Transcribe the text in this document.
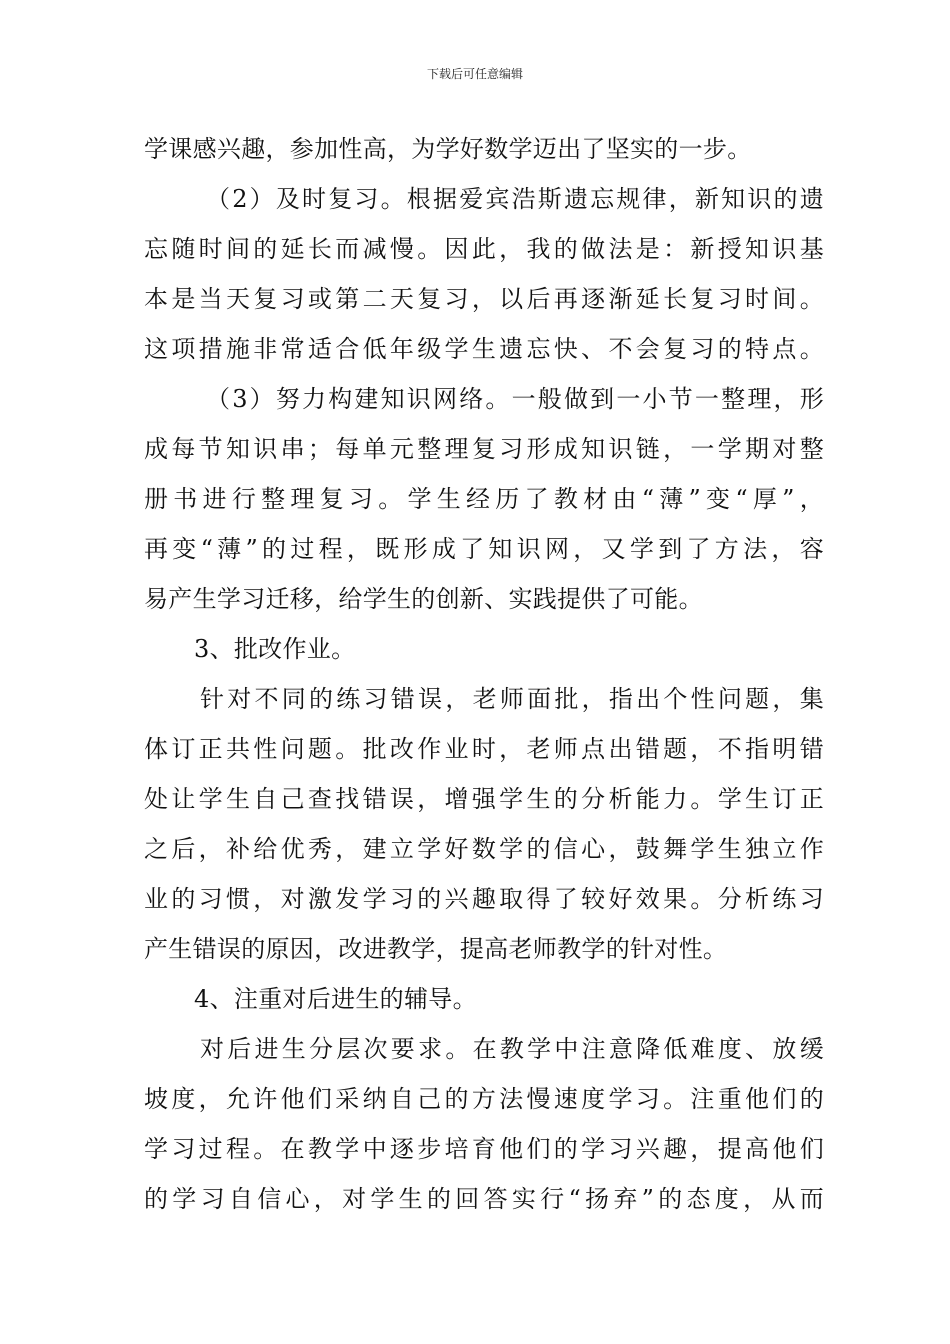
下载后可任意编辑
学课感兴趣，参加性高，为学好数学迈出了坚实的一步。
（2）及时复习。根据爱宾浩斯遗忘规律，新知识的遗
忘随时间的延长而减慢。因此，我的做法是：新授知识基
本是当天复习或第二天复习，以后再逐渐延长复习时间。
这项措施非常适合低年级学生遗忘快、不会复习的特点。
（3）努力构建知识网络。一般做到一小节一整理，形
成每节知识串；每单元整理复习形成知识链，一学期对整
册书进行整理复习。学生经历了教材由“薄”变“厚”，
再变“薄”的过程，既形成了知识网，又学到了方法，容
易产生学习迁移，给学生的创新、实践提供了可能。
3、批改作业。
针对不同的练习错误，老师面批，指出个性问题，集
体订正共性问题。批改作业时，老师点出错题，不指明错
处让学生自己查找错误，增强学生的分析能力。学生订正
之后，补给优秀，建立学好数学的信心，鼓舞学生独立作
业的习惯，对激发学习的兴趣取得了较好效果。分析练习
产生错误的原因，改进教学，提高老师教学的针对性。
4、注重对后进生的辅导。
对后进生分层次要求。在教学中注意降低难度、放缓
坡度，允许他们采纳自己的方法慢速度学习。注重他们的
学习过程。在教学中逐步培育他们的学习兴趣，提高他们
的学习自信心，对学生的回答实行“扬弃”的态度，从而
